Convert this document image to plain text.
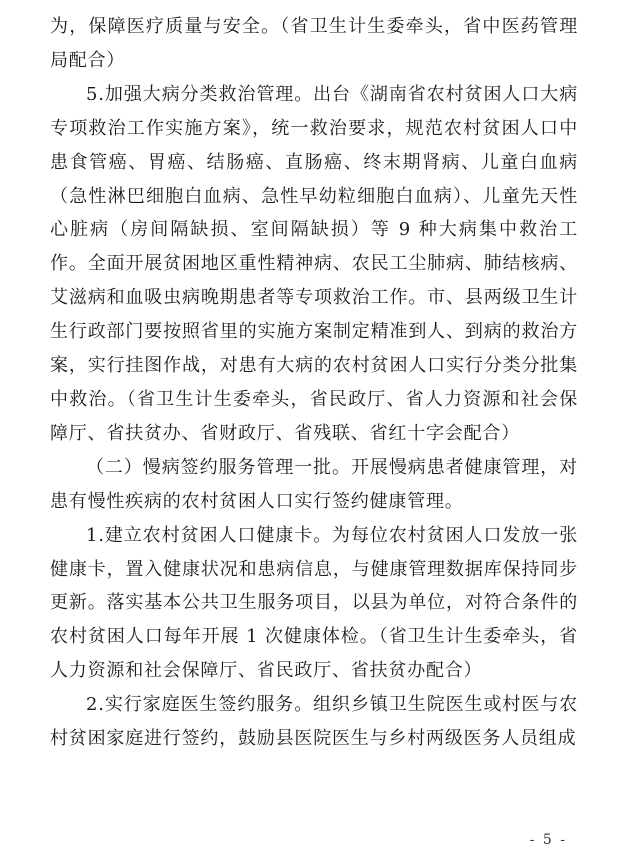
为，保障医疗质量与安全。（省卫生计生委牵头，省中医药管理局配合）

5.加强大病分类救治管理。出台《湖南省农村贫困人口大病专项救治工作实施方案》，统一救治要求，规范农村贫困人口中患食管癌、胃癌、结肠癌、直肠癌、终末期肾病、儿童白血病（急性淋巴细胞白血病、急性早幼粒细胞白血病）、儿童先天性心脏病（房间隔缺损、室间隔缺损）等 9 种大病集中救治工作。全面开展贫困地区重性精神病、农民工尘肺病、肺结核病、艾滋病和血吸虫病晚期患者等专项救治工作。市、县两级卫生计生行政部门要按照省里的实施方案制定精准到人、到病的救治方案，实行挂图作战，对患有大病的农村贫困人口实行分类分批集中救治。（省卫生计生委牵头，省民政厅、省人力资源和社会保障厅、省扶贫办、省财政厅、省残联、省红十字会配合）

（二）慢病签约服务管理一批。开展慢病患者健康管理，对患有慢性疾病的农村贫困人口实行签约健康管理。

1.建立农村贫困人口健康卡。为每位农村贫困人口发放一张健康卡，置入健康状况和患病信息，与健康管理数据库保持同步更新。落实基本公共卫生服务项目，以县为单位，对符合条件的农村贫困人口每年开展 1 次健康体检。（省卫生计生委牵头，省人力资源和社会保障厅、省民政厅、省扶贫办配合）

2.实行家庭医生签约服务。组织乡镇卫生院医生或村医与农村贫困家庭进行签约，鼓励县医院医生与乡村两级医务人员组成

- 5 -
